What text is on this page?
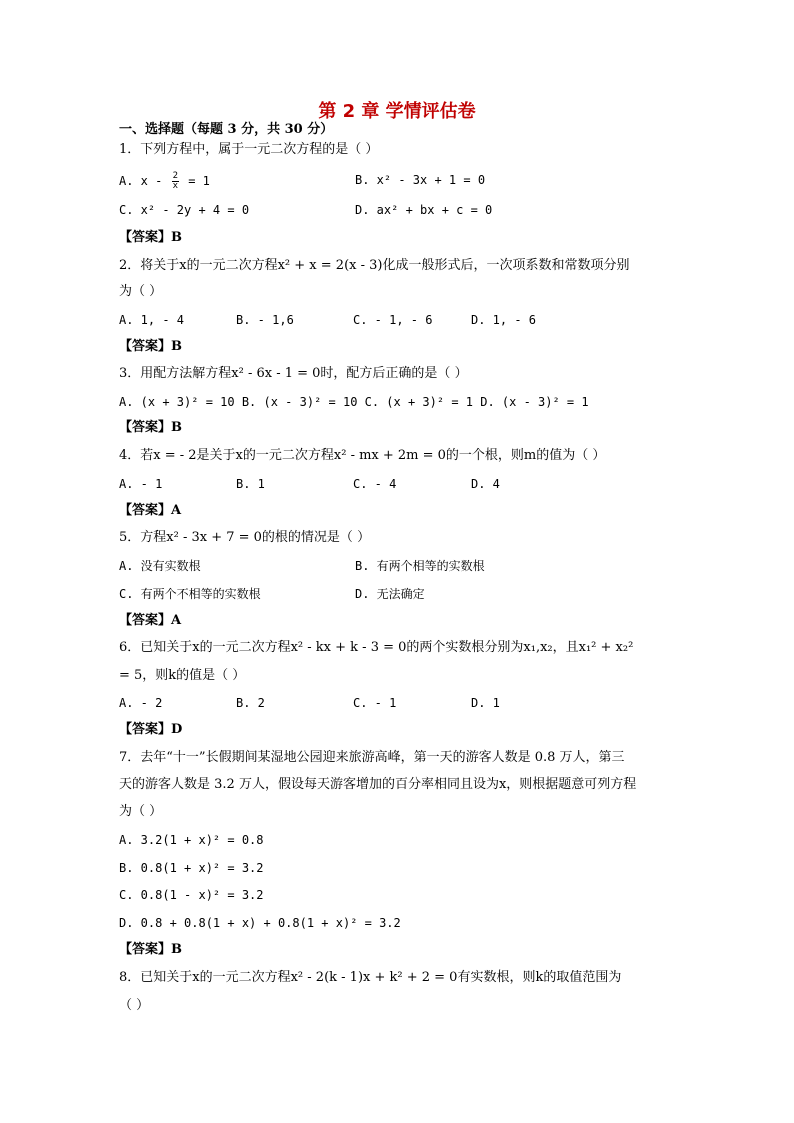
第 2 章 学情评估卷
一、选择题（每题 3 分，共 30 分）
1．下列方程中，属于一元二次方程的是（ ）
A. $x - \frac{2}{x} = 1$	B. x² - 3x + 1 = 0
C. x² - 2y + 4 = 0	D. ax² + bx + c = 0
【答案】B
2．将关于x的一元二次方程x² + x = 2(x - 3)化成一般形式后，一次项系数和常数项分别
为（ ）
A. 1, - 4	B. - 1,6	C. - 1, - 6	D. 1, - 6
【答案】B
3．用配方法解方程x² - 6x - 1 = 0时，配方后正确的是（ ）
A. (x + 3)² = 10 B. (x - 3)² = 10 C. (x + 3)² = 1 D. (x - 3)² = 1
【答案】B
4．若x = - 2是关于x的一元二次方程x² - mx + 2m = 0的一个根，则m的值为（ ）
A. - 1	B. 1	C. - 4	D. 4
【答案】A
5．方程x² - 3x + 7 = 0的根的情况是（ ）
A. 没有实数根	B. 有两个相等的实数根
C. 有两个不相等的实数根	D. 无法确定
【答案】A
6．已知关于x的一元二次方程x² - kx + k - 3 = 0的两个实数根分别为x₁,x₂，且x₁² + x₂²
= 5，则k的值是（ ）
A. - 2	B. 2	C. - 1	D. 1
【答案】D
7．去年“十一”长假期间某湿地公园迎来旅游高峰，第一天的游客人数是 0.8 万人，第三
天的游客人数是 3.2 万人，假设每天游客增加的百分率相同且设为x，则根据题意可列方程
为（ ）
A. 3.2(1 + x)² = 0.8
B. 0.8(1 + x)² = 3.2
C. 0.8(1 - x)² = 3.2
D. 0.8 + 0.8(1 + x) + 0.8(1 + x)² = 3.2
【答案】B
8．已知关于x的一元二次方程x² - 2(k - 1)x + k² + 2 = 0有实数根，则k的取值范围为
（ ）
